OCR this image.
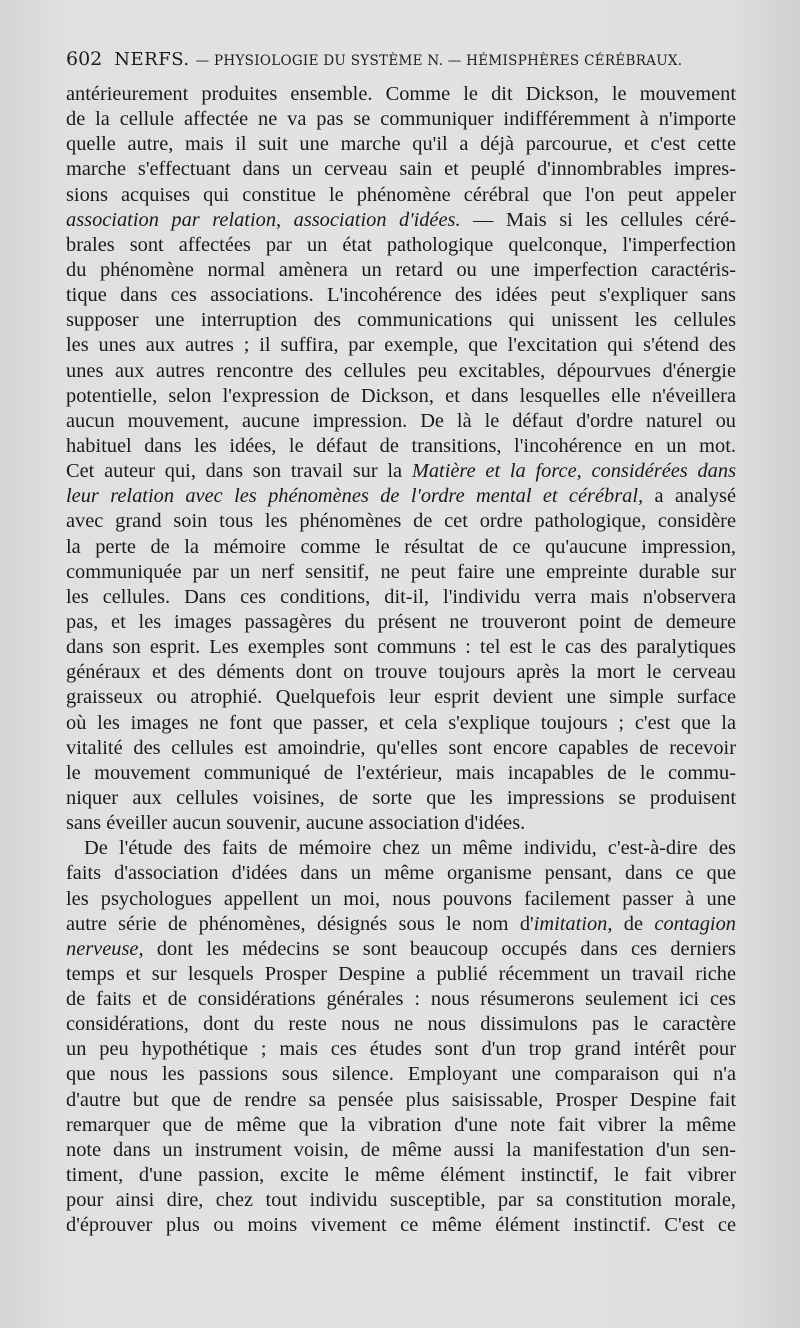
602 NERFS. — PHYSIOLOGIE DU SYSTÈME N. — HÉMISPHÈRES CÉRÉBRAUX.
antérieurement produites ensemble. Comme le dit Dickson, le mouvement
de la cellule affectée ne va pas se communiquer indifféremment à n'importe
quelle autre, mais il suit une marche qu'il a déjà parcourue, et c'est cette
marche s'effectuant dans un cerveau sain et peuplé d'innombrables impres-
sions acquises qui constitue le phénomène cérébral que l'on peut appeler
association par relation, association d'idées. — Mais si les cellules céré-
brales sont affectées par un état pathologique quelconque, l'imperfection
du phénomène normal amènera un retard ou une imperfection caractéris-
tique dans ces associations. L'incohérence des idées peut s'expliquer sans
supposer une interruption des communications qui unissent les cellules
les unes aux autres ; il suffira, par exemple, que l'excitation qui s'étend des
unes aux autres rencontre des cellules peu excitables, dépourvues d'énergie
potentielle, selon l'expression de Dickson, et dans lesquelles elle n'éveillera
aucun mouvement, aucune impression. De là le défaut d'ordre naturel ou
habituel dans les idées, le défaut de transitions, l'incohérence en un mot.
Cet auteur qui, dans son travail sur la Matière et la force, considérées dans
leur relation avec les phénomènes de l'ordre mental et cérébral, a analysé
avec grand soin tous les phénomènes de cet ordre pathologique, considère
la perte de la mémoire comme le résultat de ce qu'aucune impression,
communiquée par un nerf sensitif, ne peut faire une empreinte durable sur
les cellules. Dans ces conditions, dit-il, l'individu verra mais n'observera
pas, et les images passagères du présent ne trouveront point de demeure
dans son esprit. Les exemples sont communs : tel est le cas des paralytiques
généraux et des déments dont on trouve toujours après la mort le cerveau
graisseux ou atrophié. Quelquefois leur esprit devient une simple surface
où les images ne font que passer, et cela s'explique toujours ; c'est que la
vitalité des cellules est amoindrie, qu'elles sont encore capables de recevoir
le mouvement communiqué de l'extérieur, mais incapables de le commu-
niquer aux cellules voisines, de sorte que les impressions se produisent
sans éveiller aucun souvenir, aucune association d'idées.
De l'étude des faits de mémoire chez un même individu, c'est-à-dire des
faits d'association d'idées dans un même organisme pensant, dans ce que
les psychologues appellent un moi, nous pouvons facilement passer à une
autre série de phénomènes, désignés sous le nom d'imitation, de contagion
nerveuse, dont les médecins se sont beaucoup occupés dans ces derniers
temps et sur lesquels Prosper Despine a publié récemment un travail riche
de faits et de considérations générales : nous résumerons seulement ici ces
considérations, dont du reste nous ne nous dissimulons pas le caractère
un peu hypothétique ; mais ces études sont d'un trop grand intérêt pour
que nous les passions sous silence. Employant une comparaison qui n'a
d'autre but que de rendre sa pensée plus saisissable, Prosper Despine fait
remarquer que de même que la vibration d'une note fait vibrer la même
note dans un instrument voisin, de même aussi la manifestation d'un sen-
timent, d'une passion, excite le même élément instinctif, le fait vibrer
pour ainsi dire, chez tout individu susceptible, par sa constitution morale,
d'éprouver plus ou moins vivement ce même élément instinctif. C'est ce
